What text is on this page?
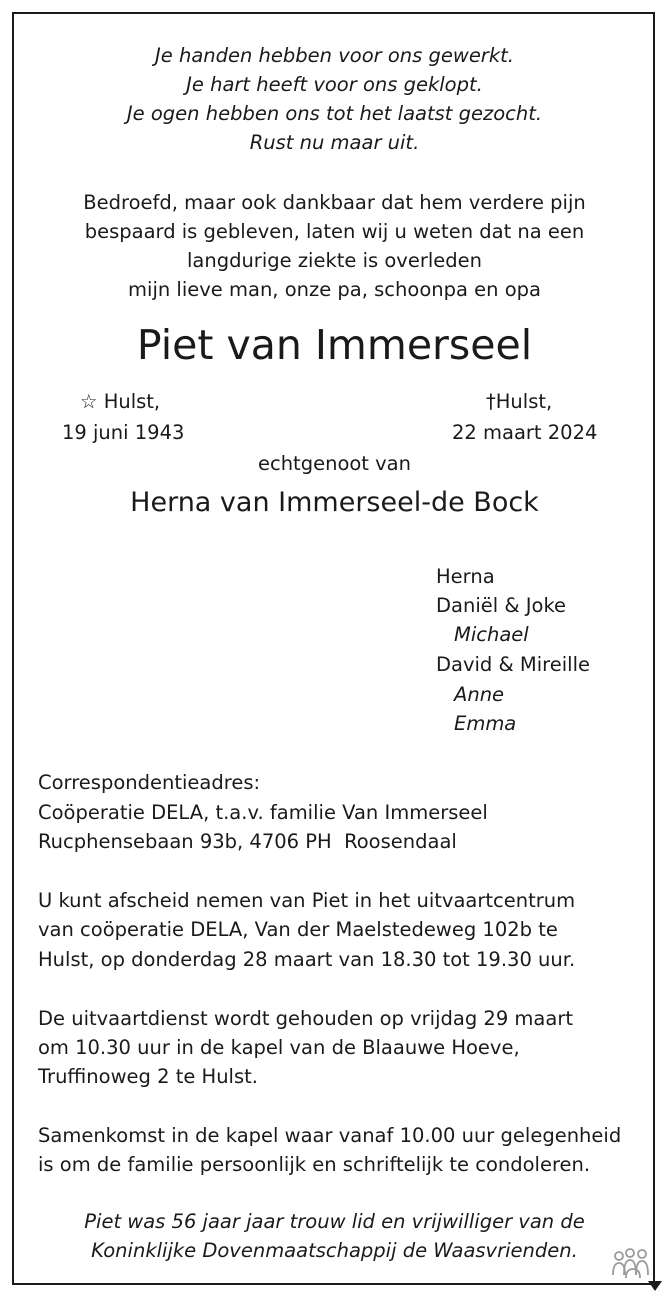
Je handen hebben voor ons gewerkt.
Je hart heeft voor ons geklopt.
Je ogen hebben ons tot het laatst gezocht.
Rust nu maar uit.
Bedroefd, maar ook dankbaar dat hem verdere pijn
bespaard is gebleven, laten wij u weten dat na een
langdurige ziekte is overleden
mijn lieve man, onze pa, schoonpa en opa
Piet van Immerseel
☆ Hulst,
19 juni 1943
†Hulst,
22 maart 2024
echtgenoot van
Herna van Immerseel-de Bock
Herna
Daniël & Joke
Michael
David & Mireille
Anne
Emma
Correspondentieadres:
Coöperatie DELA, t.a.v. familie Van Immerseel
Rucphensebaan 93b, 4706 PH  Roosendaal
U kunt afscheid nemen van Piet in het uitvaartcentrum
van coöperatie DELA, Van der Maelstedeweg 102b te
Hulst, op donderdag 28 maart van 18.30 tot 19.30 uur.
De uitvaartdienst wordt gehouden op vrijdag 29 maart
om 10.30 uur in de kapel van de Blaauwe Hoeve,
Truffinoweg 2 te Hulst.
Samenkomst in de kapel waar vanaf 10.00 uur gelegenheid
is om de familie persoonlijk en schriftelijk te condoleren.
Piet was 56 jaar jaar trouw lid en vrijwilliger van de
Koninklijke Dovenmaatschappij de Waasvrienden.
